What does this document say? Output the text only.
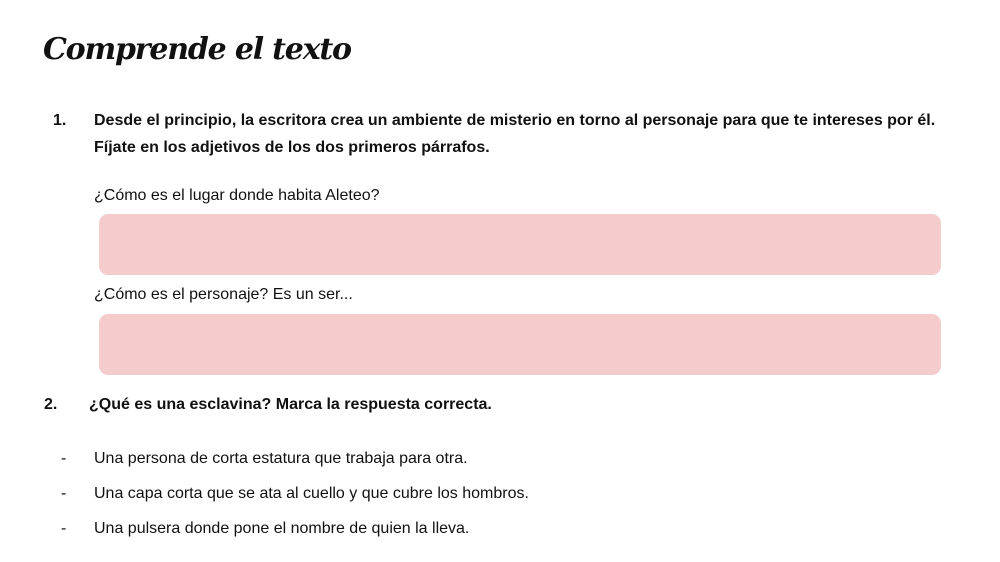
Comprende el texto
1. Desde el principio, la escritora crea un ambiente de misterio en torno al personaje para que te intereses por él. Fíjate en los adjetivos de los dos primeros párrafos.
¿Cómo es el lugar donde habita Aleteo?
¿Cómo es el personaje? Es un ser...
2. ¿Qué es una esclavina? Marca la respuesta correcta.
- Una persona de corta estatura que trabaja para otra.
- Una capa corta que se ata al cuello y que cubre los hombros.
- Una pulsera donde pone el nombre de quien la lleva.
